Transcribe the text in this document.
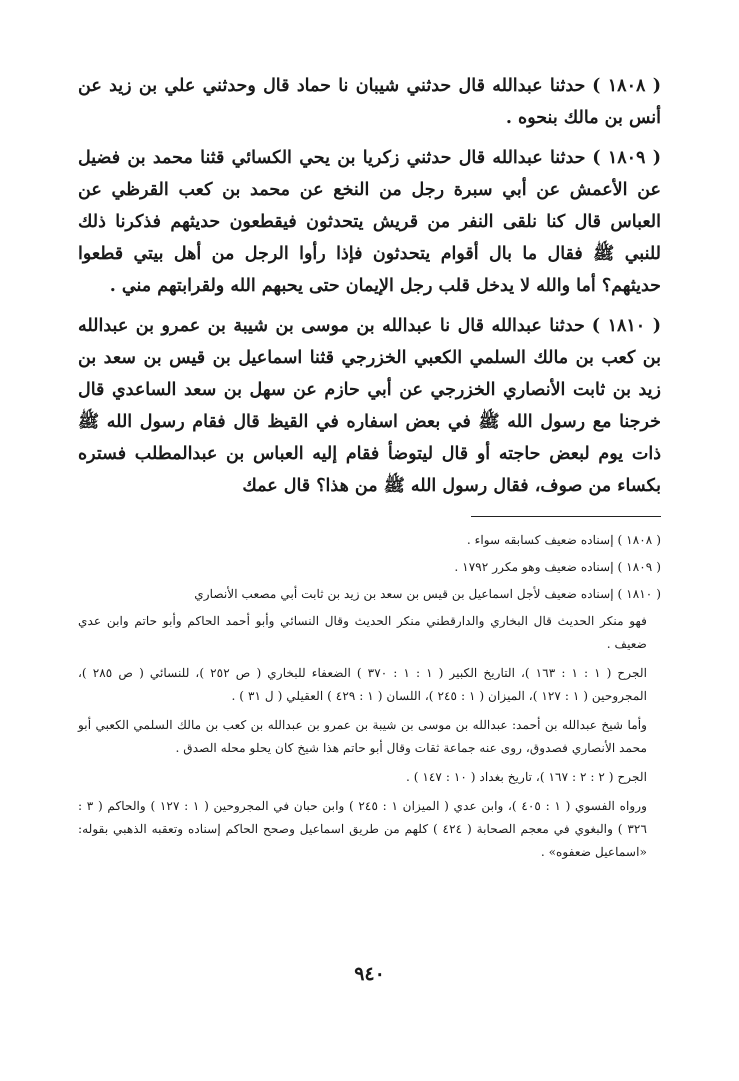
( ١٨٠٨ ) حدثنا عبدالله قال حدثني شيبان نا حماد قال وحدثني علي بن زيد عن أنس بن مالك بنحوه .

( ١٨٠٩ ) حدثنا عبدالله قال حدثني زكريا بن يحي الكسائي قثنا محمد بن فضيل عن الأعمش عن أبي سبرة رجل من النخع عن محمد بن كعب القرظي عن العباس قال كنا نلقى النفر من قريش يتحدثون فيقطعون حديثهم فذكرنا ذلك للنبي ﷺ فقال ما بال أقوام يتحدثون فإذا رأوا الرجل من أهل بيتي قطعوا حديثهم؟ أما والله لا يدخل قلب رجل الإيمان حتى يحبهم الله ولقرابتهم مني .

( ١٨١٠ ) حدثنا عبدالله قال نا عبدالله بن موسى بن شيبة بن عمرو بن عبدالله بن كعب بن مالك السلمي الكعبي الخزرجي قثنا اسماعيل بن قيس بن سعد بن زيد بن ثابت الأنصاري الخزرجي عن أبي حازم عن سهل بن سعد الساعدي قال خرجنا مع رسول الله ﷺ في بعض اسفاره في القيظ قال فقام رسول الله ﷺ ذات يوم لبعض حاجته أو قال ليتوضأ فقام إليه العباس بن عبدالمطلب فستره بكساء من صوف، فقال رسول الله ﷺ من هذا؟ قال عمك

( ١٨٠٨ ) إسناده ضعيف كسابقه سواء .

( ١٨٠٩ ) إسناده ضعيف وهو مكرر ١٧٩٢ .

( ١٨١٠ ) إسناده ضعيف لأجل اسماعيل بن قيس بن سعد بن زيد بن ثابت أبي مصعب الأنصاري

فهو منكر الحديث قال البخاري والدارقطني منكر الحديث وقال النسائي وأبو أحمد الحاكم وأبو حاتم وابن عدي ضعيف .

الجرح ( ١ : ١ : ١٦٣ )، التاريخ الكبير ( ١ : ١ : ٣٧٠ ) الضعفاء للبخاري ( ص ٢٥٢ )، للنسائي ( ص ٢٨٥ )، المجروحين ( ١ : ١٢٧ )، الميزان ( ١ : ٢٤٥ )، اللسان ( ١ : ٤٢٩ ) العقيلي ( ل ٣١ ) .

وأما شيخ عبدالله بن أحمد: عبدالله بن موسى بن شيبة بن عمرو بن عبدالله بن كعب بن مالك السلمي الكعبي أبو محمد الأنصاري فصدوق، روى عنه جماعة ثقات وقال أبو حاتم هذا شيخ كان يحلو محله الصدق .

الجرح ( ٢ : ٢ : ١٦٧ )، تاريخ بغداد ( ١٠ : ١٤٧ ) .

ورواه الفسوي ( ١ : ٤٠٥ )، وابن عدي ( الميزان ١ : ٢٤٥ ) وابن حبان في المجروحين ( ١ : ١٢٧ ) والحاكم ( ٣ : ٣٢٦ ) والبغوي في معجم الصحابة ( ٤٢٤ ) كلهم من طريق اسماعيل وصحح الحاكم إسناده وتعقبه الذهبي بقوله: «اسماعيل ضعفوه» .

٩٤٠
